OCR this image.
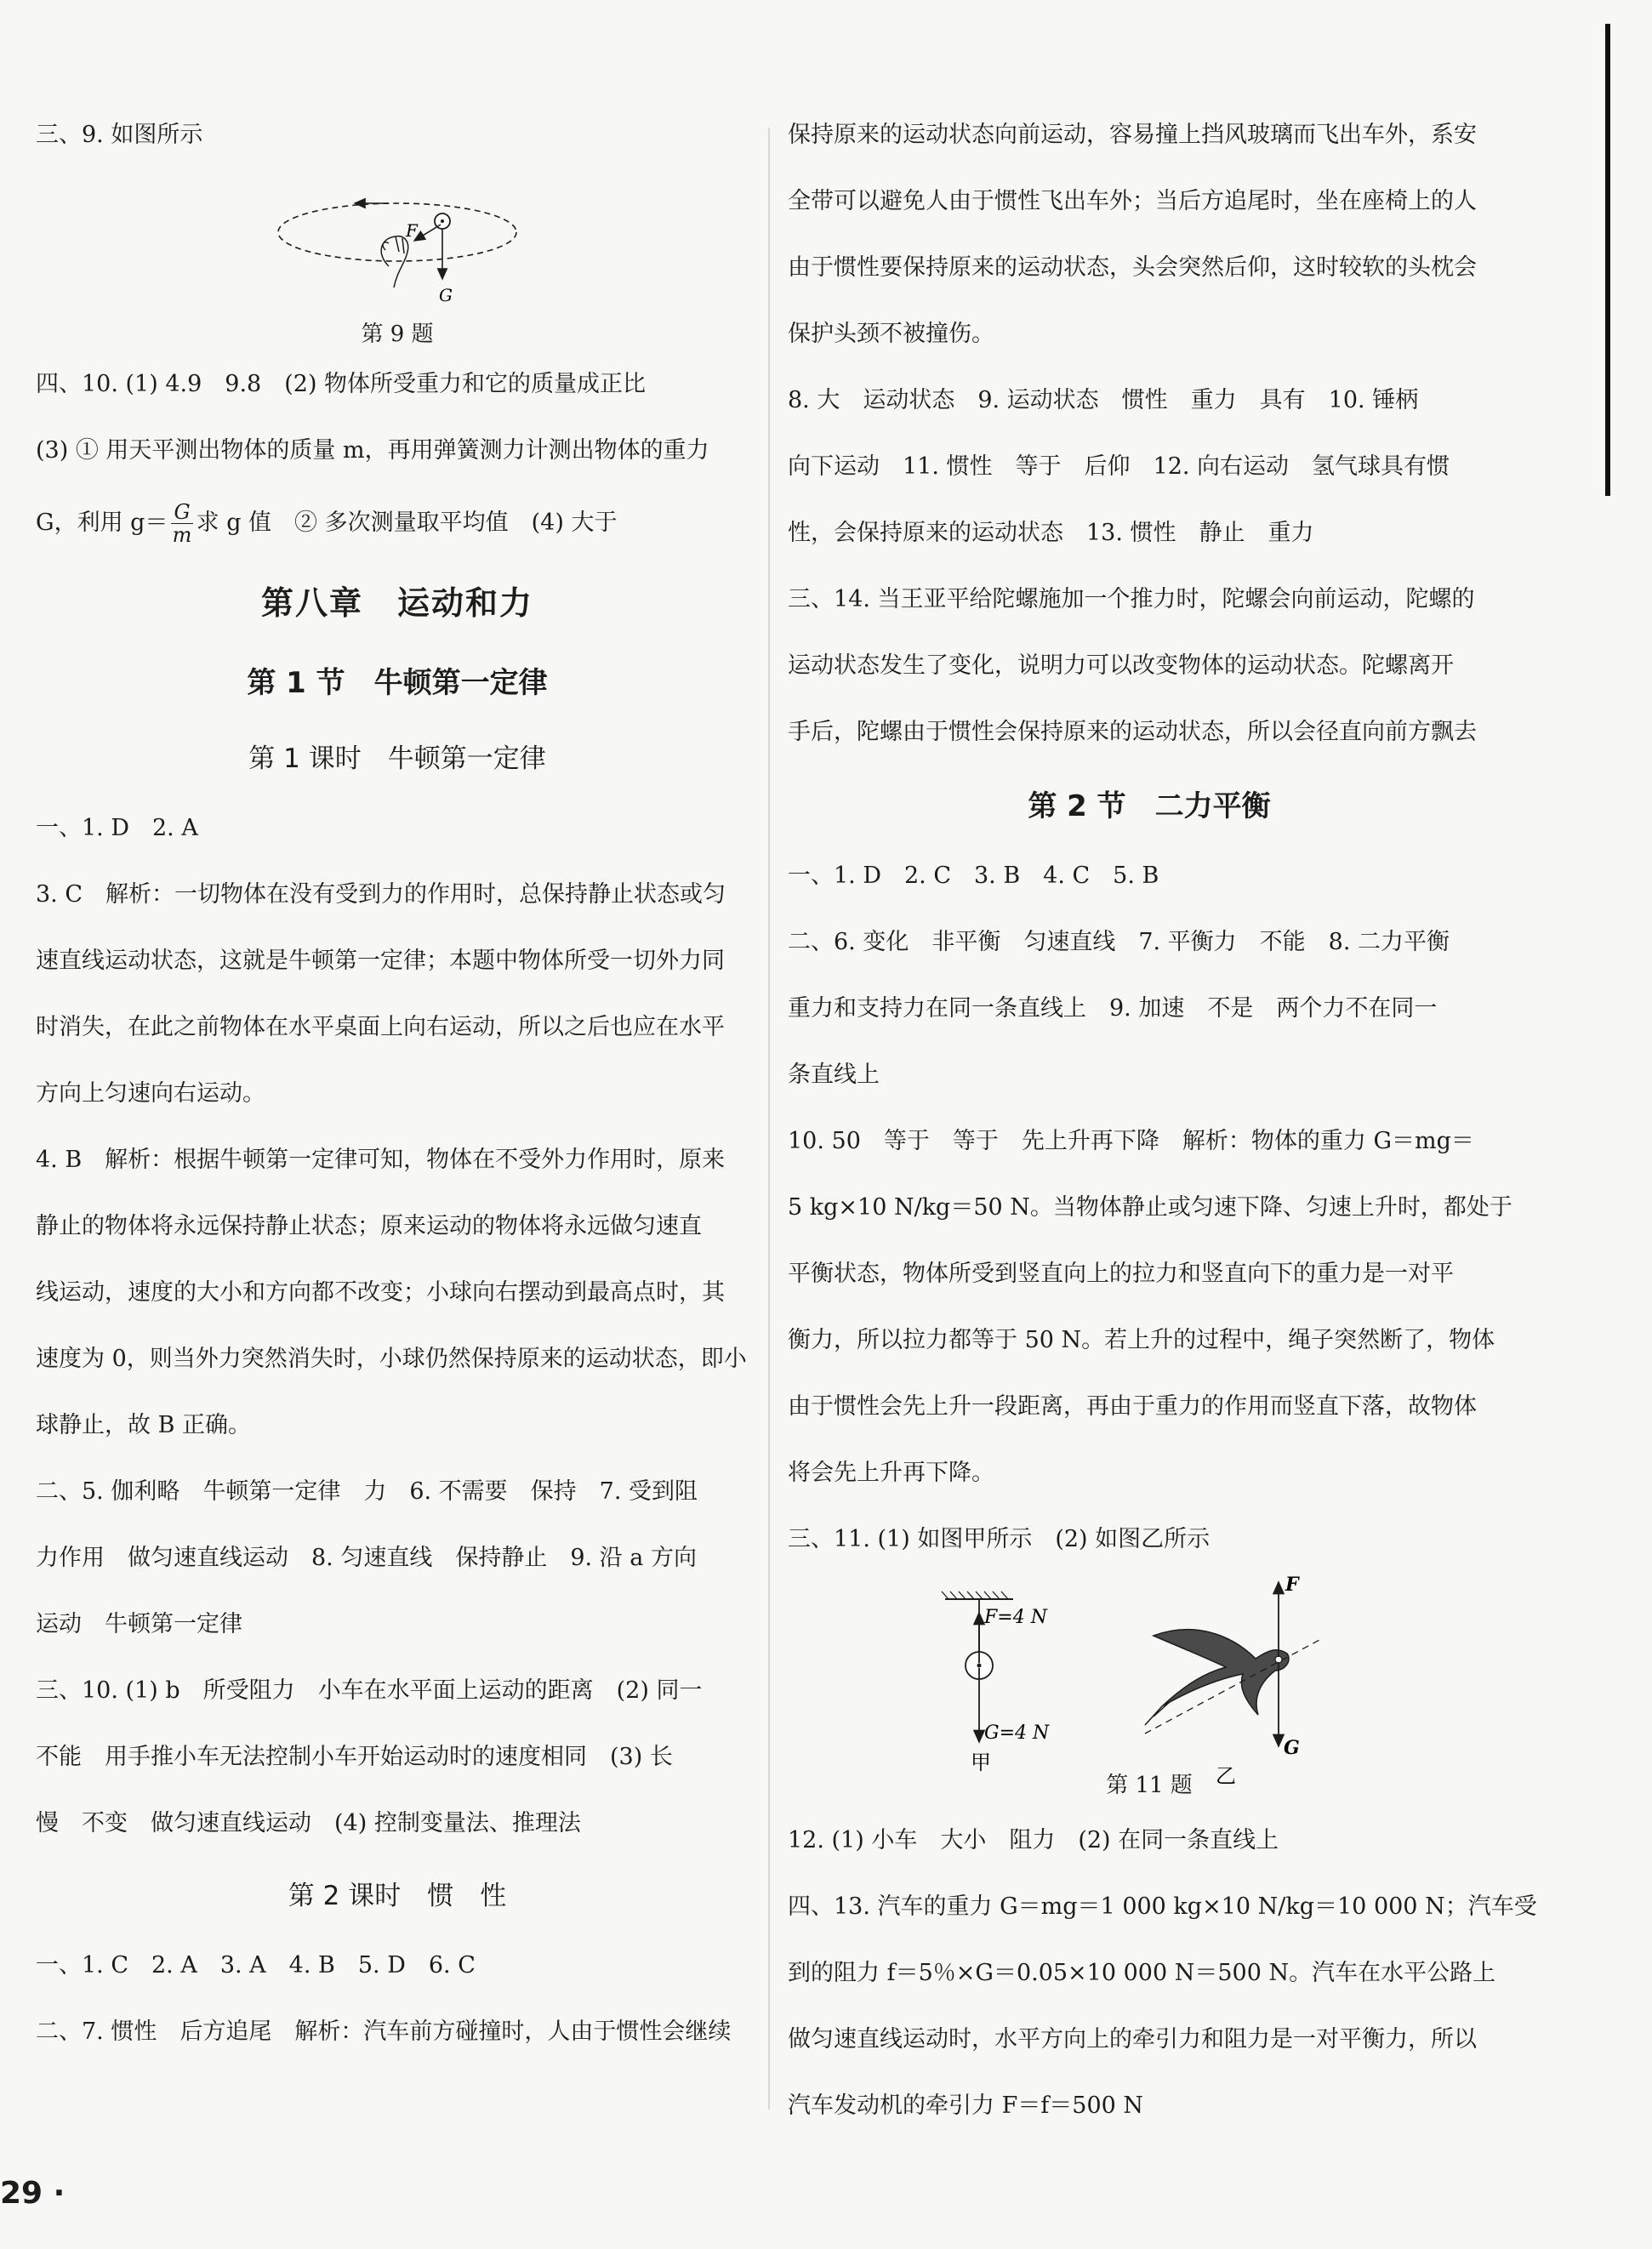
三、9. 如图所示
F
G
第 9 题
四、10. (1) 4.9　9.8　(2) 物体所受重力和它的质量成正比
(3) ① 用天平测出物体的质量 m，再用弹簧测力计测出物体的重力
G，利用 $g= \frac{G}{m}$ 求 g 值　② 多次测量取平均值　(4) 大于
第八章　运动和力
第 1 节　牛顿第一定律
第 1 课时　牛顿第一定律
一、1. D　2. A
3. C　解析：一切物体在没有受到力的作用时，总保持静止状态或匀
速直线运动状态，这就是牛顿第一定律；本题中物体所受一切外力同
时消失，在此之前物体在水平桌面上向右运动，所以之后也应在水平
方向上匀速向右运动。
4. B　解析：根据牛顿第一定律可知，物体在不受外力作用时，原来
静止的物体将永远保持静止状态；原来运动的物体将永远做匀速直
线运动，速度的大小和方向都不改变；小球向右摆动到最高点时，其
速度为 0，则当外力突然消失时，小球仍然保持原来的运动状态，即小
球静止，故 B 正确。
二、5. 伽利略　牛顿第一定律　力　6. 不需要　保持　7. 受到阻
力作用　做匀速直线运动　8. 匀速直线　保持静止　9. 沿 a 方向
运动　牛顿第一定律
三、10. (1) b　所受阻力　小车在水平面上运动的距离　(2) 同一
不能　用手推小车无法控制小车开始运动时的速度相同　(3) 长
慢　不变　做匀速直线运动　(4) 控制变量法、推理法
第 2 课时　惯　性
一、1. C　2. A　3. A　4. B　5. D　6. C
二、7. 惯性　后方追尾　解析：汽车前方碰撞时，人由于惯性会继续
保持原来的运动状态向前运动，容易撞上挡风玻璃而飞出车外，系安
全带可以避免人由于惯性飞出车外；当后方追尾时，坐在座椅上的人
由于惯性要保持原来的运动状态，头会突然后仰，这时较软的头枕会
保护头颈不被撞伤。
8. 大　运动状态　9. 运动状态　惯性　重力　具有　10. 锤柄
向下运动　11. 惯性　等于　后仰　12. 向右运动　氢气球具有惯
性，会保持原来的运动状态　13. 惯性　静止　重力
三、14. 当王亚平给陀螺施加一个推力时，陀螺会向前运动，陀螺的
运动状态发生了变化，说明力可以改变物体的运动状态。陀螺离开
手后，陀螺由于惯性会保持原来的运动状态，所以会径直向前方飘去
第 2 节　二力平衡
一、1. D　2. C　3. B　4. C　5. B
二、6. 变化　非平衡　匀速直线　7. 平衡力　不能　8. 二力平衡
重力和支持力在同一条直线上　9. 加速　不是　两个力不在同一
条直线上
10. 50　等于　等于　先上升再下降　解析：物体的重力 G＝mg＝
5 kg×10 N/kg＝50 N。当物体静止或匀速下降、匀速上升时，都处于
平衡状态，物体所受到竖直向上的拉力和竖直向下的重力是一对平
衡力，所以拉力都等于 50 N。若上升的过程中，绳子突然断了，物体
由于惯性会先上升一段距离，再由于重力的作用而竖直下落，故物体
将会先上升再下降。
三、11. (1) 如图甲所示　(2) 如图乙所示
F=4 N
G=4 N
甲
F
G
乙
第 11 题
12. (1) 小车　大小　阻力　(2) 在同一条直线上
四、13. 汽车的重力 G＝mg＝1 000 kg×10 N/kg＝10 000 N；汽车受
到的阻力 f＝5％×G＝0.05×10 000 N＝500 N。汽车在水平公路上
做匀速直线运动时，水平方向上的牵引力和阻力是一对平衡力，所以
汽车发动机的牵引力 F＝f＝500 N
29 ·
